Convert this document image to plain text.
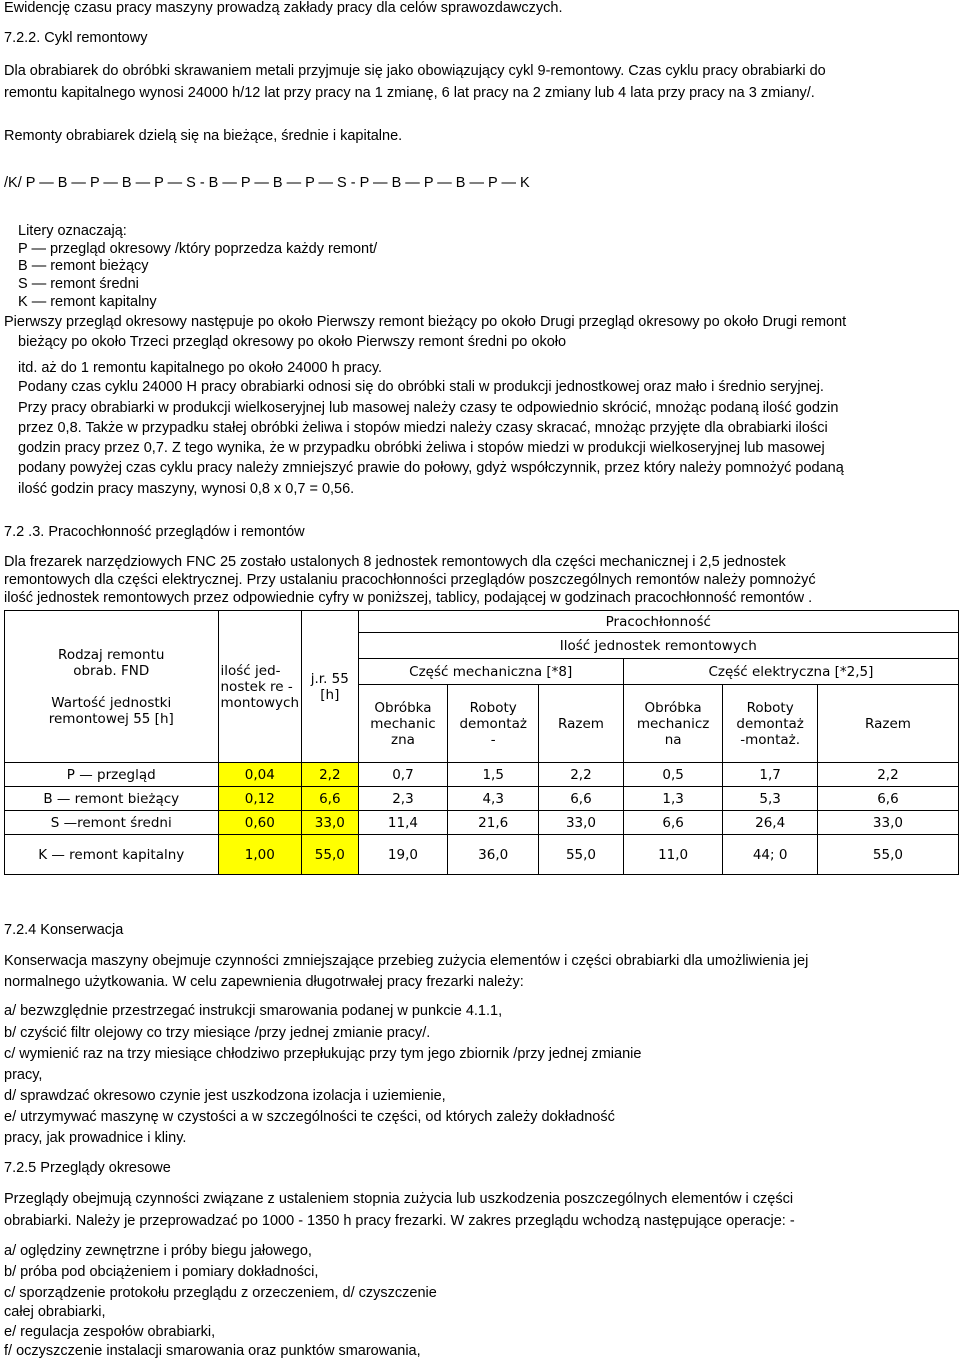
Ewidencję czasu pracy maszyny prowadzą zakłady pracy dla celów sprawozdawczych.
7.2.2. Cykl remontowy
Dla obrabiarek do obróbki skrawaniem metali przyjmuje się jako obowiązujący cykl 9-remontowy. Czas cyklu pracy obrabiarki do
remontu kapitalnego wynosi 24000 h/12 lat przy pracy na 1 zmianę, 6 lat pracy na 2 zmiany lub 4 lata przy pracy na 3 zmiany/.
Remonty obrabiarek dzielą się na bieżące, średnie i kapitalne.
/K/ P — B — P — B — P — S - B — P — B — P — S - P — B — P — B — P — K
Litery oznaczają:
P — przegląd okresowy /który poprzedza każdy remont/
B — remont bieżący
S — remont średni
K — remont kapitalny
Pierwszy przegląd okresowy następuje po około Pierwszy remont bieżący po około Drugi przegląd okresowy po około Drugi remont
bieżący po około Trzeci przegląd okresowy po około Pierwszy remont średni po około
itd. aż do 1 remontu kapitalnego po około 24000 h pracy.
Podany czas cyklu 24000 H pracy obrabiarki odnosi się do obróbki stali w produkcji jednostkowej oraz mało i średnio seryjnej.
Przy pracy obrabiarki w produkcji wielkoseryjnej lub masowej należy czasy te odpowiednio skrócić, mnożąc podaną ilość godzin
przez 0,8. Także w przypadku stałej obróbki żeliwa i stopów miedzi należy czasy skracać, mnożąc przyjęte dla obrabiarki ilości
godzin pracy przez 0,7. Z tego wynika, że w przypadku obróbki żeliwa i stopów miedzi w produkcji wielkoseryjnej lub masowej
podany powyżej czas cyklu pracy należy zmniejszyć prawie do połowy, gdyż współczynnik, przez który należy pomnożyć podaną
ilość godzin pracy maszyny, wynosi 0,8 x 0,7 = 0,56.
7.2 .3. Pracochłonność przeglądów i remontów
Dla frezarek narzędziowych FNC 25 zostało ustalonych 8 jednostek remontowych dla części mechanicznej i 2,5 jednostek
remontowych dla części elektrycznej. Przy ustalaniu pracochłonności przeglądów poszczególnych remontów należy pomnożyć
ilość jednostek remontowych przez odpowiednie cyfry w poniższej, tablicy, podającej w godzinach pracochłonność remontów .
Rodzaj remontu
obrab. FND

Wartość jednostki
remontowej 55 [h]	ilość jed-
nostek re -
montowych	j.r. 55 [h]	Pracochłonność					
			Ilość jednostek remontowych					
			Część mechaniczna [*8]			Część elektryczna [*2,5]		
			Obróbka
mechanic
zna	Roboty
demontaż
-	Razem	Obróbka
mechanicz
na	Roboty
demontaż
-montaż.	Razem
P — przegląd	0,04	2,2	0,7	1,5	2,2	0,5	1,7	2,2
B — remont bieżący	0,12	6,6	2,3	4,3	6,6	1,3	5,3	6,6
S —remont średni	0,60	33,0	11,4	21,6	33,0	6,6	26,4	33,0
K — remont kapitalny	1,00	55,0	19,0	36,0	55,0	11,0	44; 0	55,0
7.2.4 Konserwacja
Konserwacja maszyny obejmuje czynności zmniejszające przebieg zużycia elementów i części obrabiarki dla umożliwienia jej
normalnego użytkowania. W celu zapewnienia długotrwałej pracy frezarki należy:
a/ bezwzględnie przestrzegać instrukcji smarowania podanej w punkcie 4.1.1,
b/ czyścić filtr olejowy co trzy miesiące /przy jednej zmianie pracy/.
c/ wymienić raz na trzy miesiące chłodziwo przepłukując przy tym jego zbiornik /przy jednej zmianie
pracy,
d/ sprawdzać okresowo czynie jest uszkodzona izolacja i uziemienie,
e/ utrzymywać maszynę w czystości a w szczególności te części, od których zależy dokładność
pracy, jak prowadnice i kliny.
7.2.5 Przeglądy okresowe
Przeglądy obejmują czynności związane z ustaleniem stopnia zużycia lub uszkodzenia poszczególnych elementów i części
obrabiarki. Należy je przeprowadzać po 1000 - 1350 h pracy frezarki. W zakres przeglądu wchodzą następujące operacje: -
a/ oględziny zewnętrzne i próby biegu jałowego,
b/ próba pod obciążeniem i pomiary dokładności,
c/ sporządzenie protokołu przeglądu z orzeczeniem, d/ czyszczenie
całej obrabiarki,
e/ regulacja zespołów obrabiarki,
f/ oczyszczenie instalacji smarowania oraz punktów smarowania,
